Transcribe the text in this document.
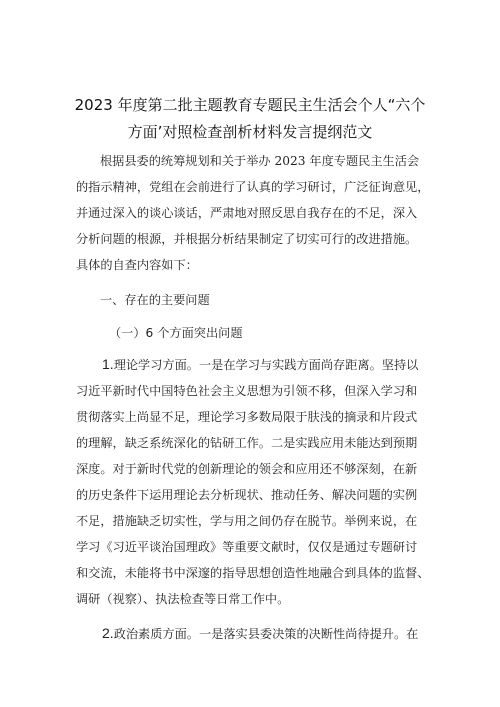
2023 年度第二批主题教育专题民主生活会个人“六个
方面’对照检查剖析材料发言提纲范文
根据县委的统筹规划和关于举办 2023 年度专题民主生活会
的指示精神，党组在会前进行了认真的学习研讨，广泛征询意见，
并通过深入的谈心谈话，严肃地对照反思自我存在的不足，深入
分析问题的根源，并根据分析结果制定了切实可行的改进措施。
具体的自查内容如下：
一、存在的主要问题
（一）6 个方面突出问题
1.理论学习方面。一是在学习与实践方面尚存距离。坚持以
习近平新时代中国特色社会主义思想为引领不移，但深入学习和
贯彻落实上尚显不足，理论学习多数局限于肤浅的摘录和片段式
的理解，缺乏系统深化的钻研工作。二是实践应用未能达到预期
深度。对于新时代党的创新理论的领会和应用还不够深刻，在新
的历史条件下运用理论去分析现状、推动任务、解决问题的实例
不足，措施缺乏切实性，学与用之间仍存在脱节。举例来说，在
学习《习近平谈治国理政》等重要文献时，仅仅是通过专题研讨
和交流，未能将书中深邃的指导思想创造性地融合到具体的监督、
调研（视察）、执法检查等日常工作中。
2.政治素质方面。一是落实县委决策的决断性尚待提升。在
